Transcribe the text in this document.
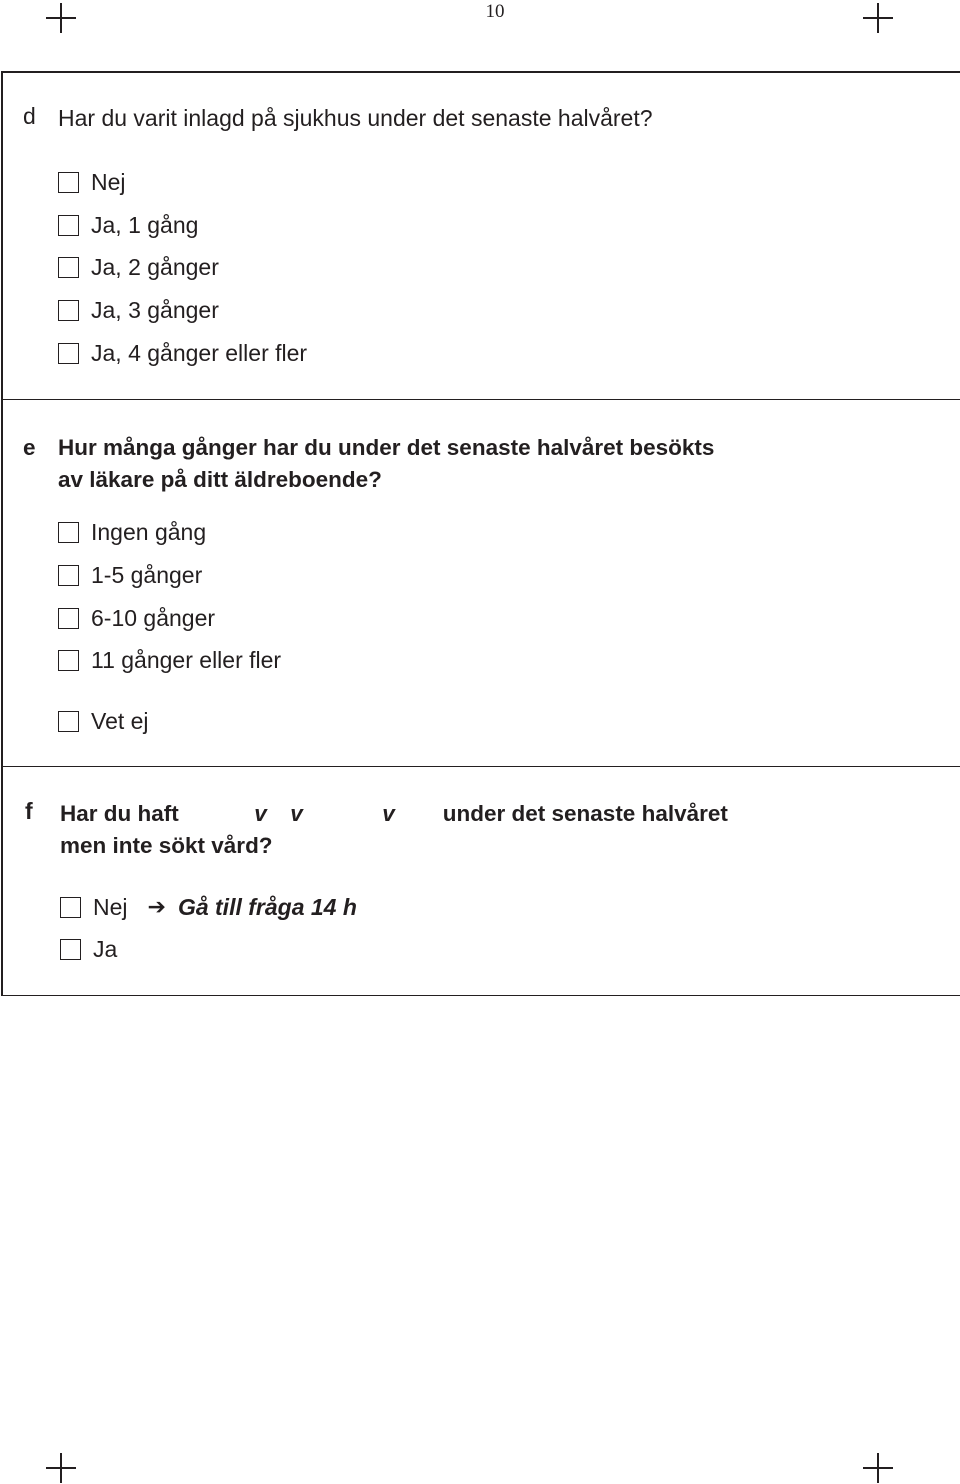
10
d Har du varit inlagd på sjukhus under det senaste halvåret?
Nej
Ja, 1 gång
Ja, 2 gånger
Ja, 3 gånger
Ja, 4 gånger eller fler
e Hur många gånger har du under det senaste halvåret besökts
av läkare på ditt äldreboende?
Ingen gång
1-5 gånger
6-10 gånger
11 gånger eller fler
Vet ej
f Har du haft	v v	v under det senaste halvåret
men inte sökt vård?
Nej ➔ Gå till fråga 14 h
Ja
